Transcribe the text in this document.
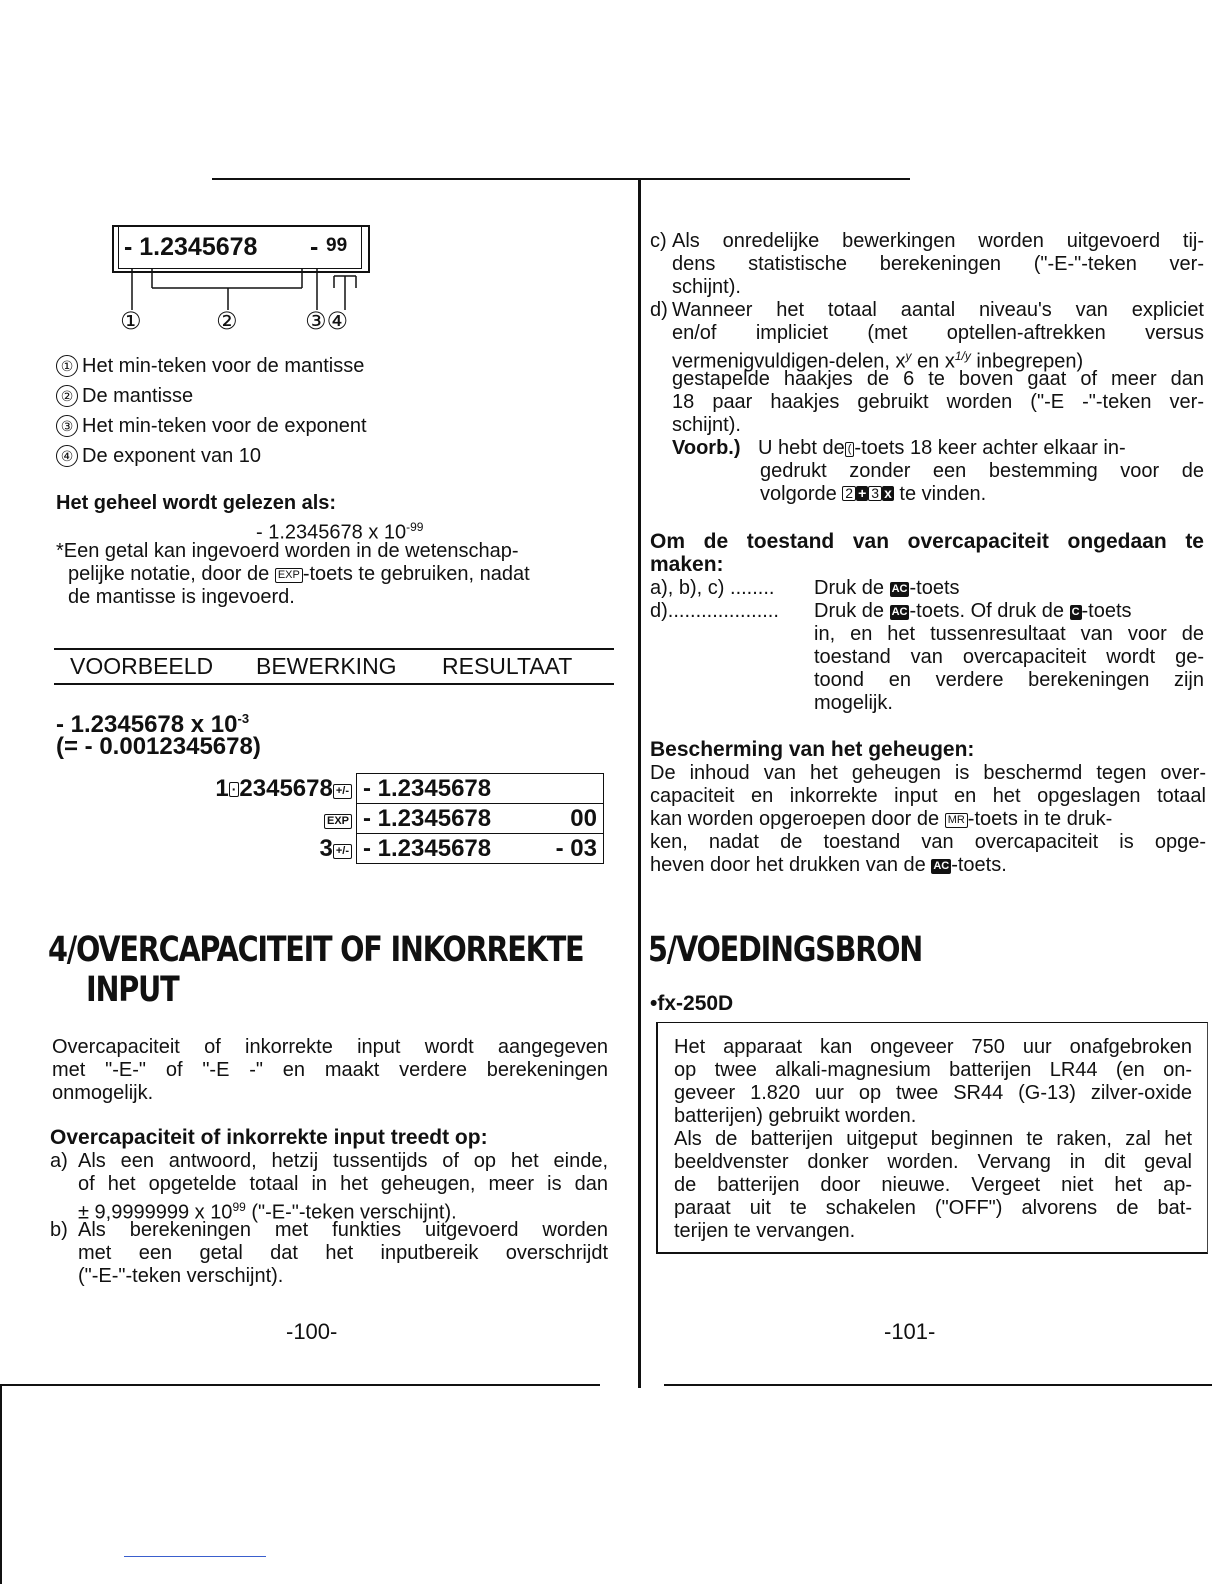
- 1.2345678 - 99
①	②	③④
① Het min-teken voor de mantisse
② De mantisse
③ Het min-teken voor de exponent
④ De exponent van 10
Het geheel wordt gelezen als:
- 1.2345678 x $10^{-99}$
*Een getal kan ingevoerd worden in de wetenschap-
pelijke notatie, door de EXP -toets te gebruiken, nadat
de mantisse is ingevoerd.
VOORBEELD BEWERKING RESULTAAT
- 1.2345678 x $10^{-3}$
(= - 0.0012345678)
1 · 2345678 +/-	- 1.2345678

EXP	- 1.2345678 00

3 +/-	- 1.2345678 - 03
4/OVERCAPACITEIT OF INKORREKTE
INPUT
Overcapaciteit of inkorrekte input wordt aangegeven
met "-E-" of "-E -" en maakt verdere berekeningen
onmogelijk.
Overcapaciteit of inkorrekte input treedt op:
a) Als een antwoord, hetzij tussentijds of op het einde,
of het opgetelde totaal in het geheugen, meer is dan
± 9,9999999 x $10^{99}$ ("-E-"-teken verschijnt).
b) Als berekeningen met funkties uitgevoerd worden
met een getal dat het inputbereik overschrijdt
("-E-"-teken verschijnt).
-100-
c) Als onredelijke bewerkingen worden uitgevoerd tij-
dens statistische berekeningen ("-E-"-teken ver-
schijnt).
d) Wanneer het totaal aantal niveau's van expliciet
en/of impliciet (met optellen-aftrekken versus
vermenigvuldigen-delen, $x^y$ en $x^{1/y}$ inbegrepen)
gestapelde haakjes de 6 te boven gaat of meer dan
18 paar haakjes gebruikt worden ("-E -"-teken ver-
schijnt).
Voorb.) U hebt de ( -toets 18 keer achter elkaar in-
gedrukt zonder een bestemming voor de
volgorde 2 + 3 x te vinden.
Om de toestand van overcapaciteit ongedaan te
maken:
a), b), c) ........ Druk de AC -toets
d).................... Druk de AC -toets. Of druk de C -toets
in, en het tussenresultaat van voor de
toestand van overcapaciteit wordt ge-
toond en verdere berekeningen zijn
mogelijk.
Bescherming van het geheugen:
De inhoud van het geheugen is beschermd tegen over-
capaciteit en inkorrekte input en het opgeslagen totaal
kan worden opgeroepen door de MR -toets in te druk-
ken, nadat de toestand van overcapaciteit is opge-
heven door het drukken van de AC -toets.
5/VOEDINGSBRON
•fx-250D
Het apparaat kan ongeveer 750 uur onafgebroken
op twee alkali-magnesium batterijen LR44 (en on-
geveer 1.820 uur op twee SR44 (G-13) zilver-oxide
batterijen) gebruikt worden.
Als de batterijen uitgeput beginnen te raken, zal het
beeldvenster donker worden. Vervang in dit geval
de batterijen door nieuwe. Vergeet niet het ap-
paraat uit te schakelen ("OFF") alvorens de bat-
terijen te vervangen.
-101-
